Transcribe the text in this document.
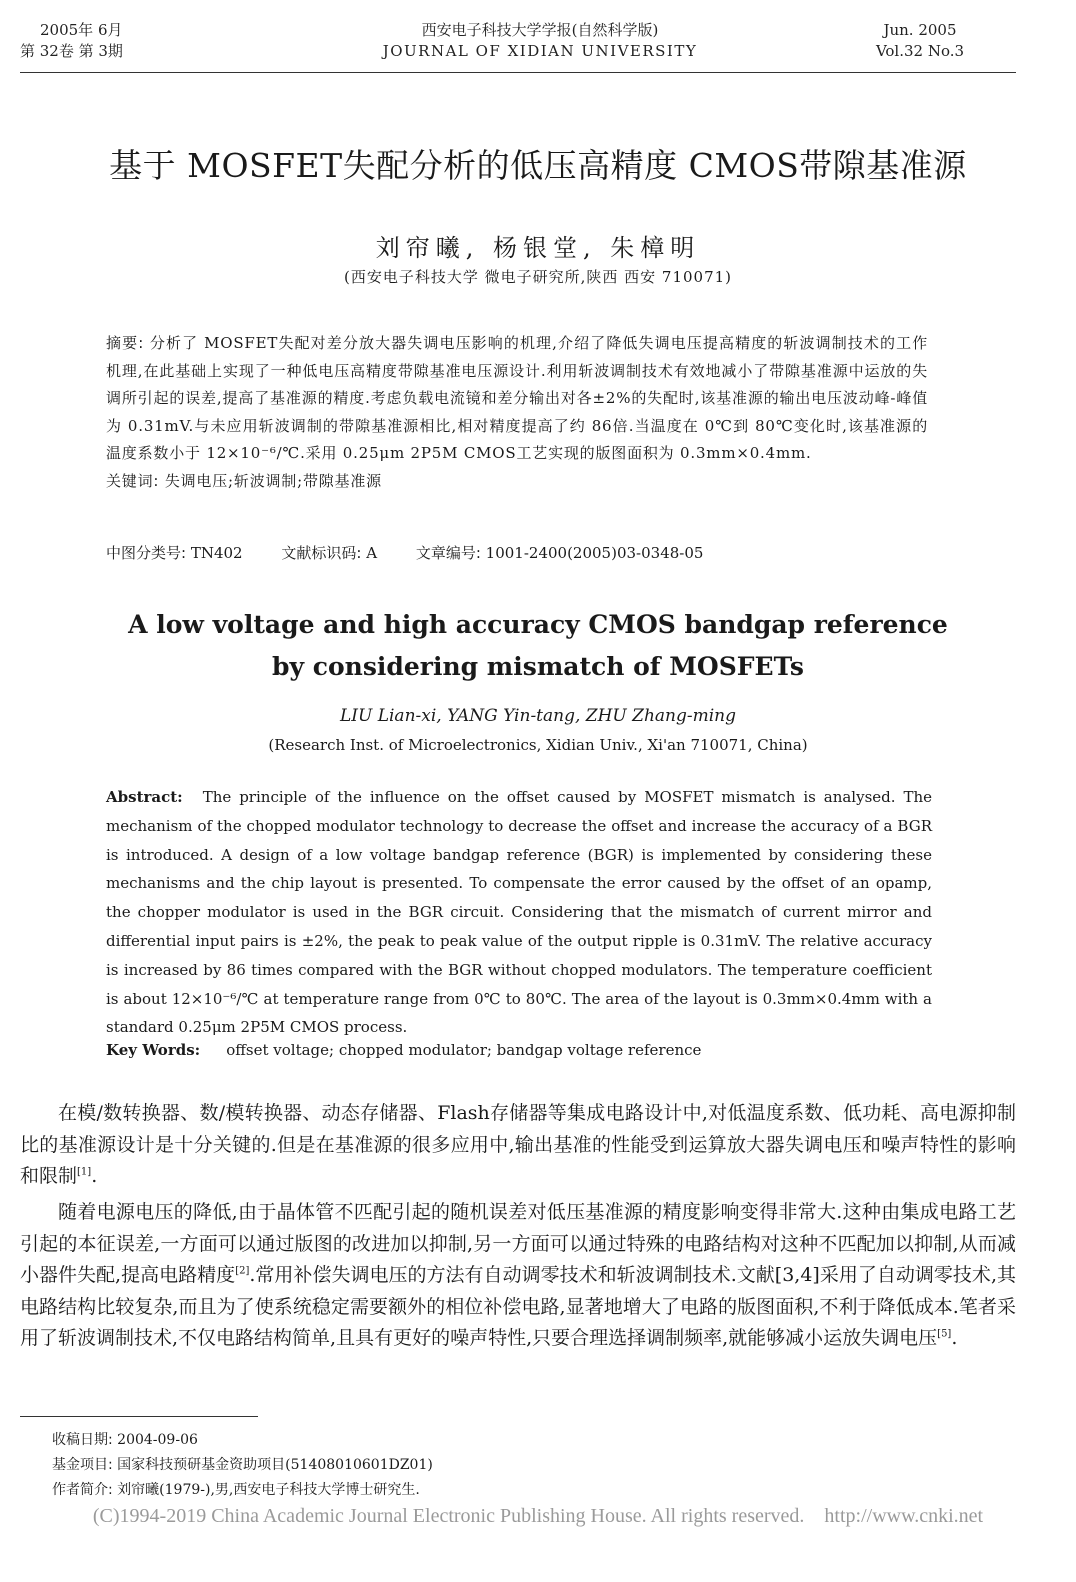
2005年 6月
第 32卷 第 3期
西安电子科技大学学报(自然科学版)
JOURNAL OF XIDIAN UNIVERSITY
Jun. 2005
Vol.32 No.3
基于 MOSFET失配分析的低压高精度 CMOS带隙基准源
刘帘曦, 杨银堂, 朱樟明
(西安电子科技大学 微电子研究所,陕西 西安 710071)
摘要: 分析了 MOSFET失配对差分放大器失调电压影响的机理,介绍了降低失调电压提高精度的斩波调制技术的工作机理,在此基础上实现了一种低电压高精度带隙基准电压源设计.利用斩波调制技术有效地减小了带隙基准源中运放的失调所引起的误差,提高了基准源的精度.考虑负载电流镜和差分输出对各±2%的失配时,该基准源的输出电压波动峰-峰值为 0.31mV.与未应用斩波调制的带隙基准源相比,相对精度提高了约 86倍.当温度在 0℃到 80℃变化时,该基准源的温度系数小于 12×10⁻⁶/℃.采用 0.25μm 2P5M CMOS工艺实现的版图面积为 0.3mm×0.4mm.
关键词: 失调电压;斩波调制;带隙基准源
中图分类号: TN402	文献标识码: A	文章编号: 1001-2400(2005)03-0348-05
A low voltage and high accuracy CMOS bandgap reference
by considering mismatch of MOSFETs
LIU Lian-xi, YANG Yin-tang, ZHU Zhang-ming
(Research Inst. of Microelectronics, Xidian Univ., Xi'an 710071, China)
Abstract: The principle of the influence on the offset caused by MOSFET mismatch is analysed. The mechanism of the chopped modulator technology to decrease the offset and increase the accuracy of a BGR is introduced. A design of a low voltage bandgap reference (BGR) is implemented by considering these mechanisms and the chip layout is presented. To compensate the error caused by the offset of an opamp, the chopper modulator is used in the BGR circuit. Considering that the mismatch of current mirror and differential input pairs is ±2%, the peak to peak value of the output ripple is 0.31mV. The relative accuracy is increased by 86 times compared with the BGR without chopped modulators. The temperature coefficient is about 12×10⁻⁶/℃ at temperature range from 0℃ to 80℃. The area of the layout is 0.3mm×0.4mm with a standard 0.25μm 2P5M CMOS process.
Key Words: offset voltage; chopped modulator; bandgap voltage reference

在模/数转换器、数/模转换器、动态存储器、Flash存储器等集成电路设计中,对低温度系数、低功耗、高电源抑制比的基准源设计是十分关键的.但是在基准源的很多应用中,输出基准的性能受到运算放大器失调电压和噪声特性的影响和限制[1].

随着电源电压的降低,由于晶体管不匹配引起的随机误差对低压基准源的精度影响变得非常大.这种由集成电路工艺引起的本征误差,一方面可以通过版图的改进加以抑制,另一方面可以通过特殊的电路结构对这种不匹配加以抑制,从而减小器件失配,提高电路精度[2].常用补偿失调电压的方法有自动调零技术和斩波调制技术.文献[3,4]采用了自动调零技术,其电路结构比较复杂,而且为了使系统稳定需要额外的相位补偿电路,显著地增大了电路的版图面积,不利于降低成本.笔者采用了斩波调制技术,不仅电路结构简单,且具有更好的噪声特性,只要合理选择调制频率,就能够减小运放失调电压[5].

收稿日期: 2004-09-06
基金项目: 国家科技预研基金资助项目(51408010601DZ01)
作者简介: 刘帘曦(1979-),男,西安电子科技大学博士研究生.
(C)1994-2019 China Academic Journal Electronic Publishing House. All rights reserved. http://www.cnki.net
